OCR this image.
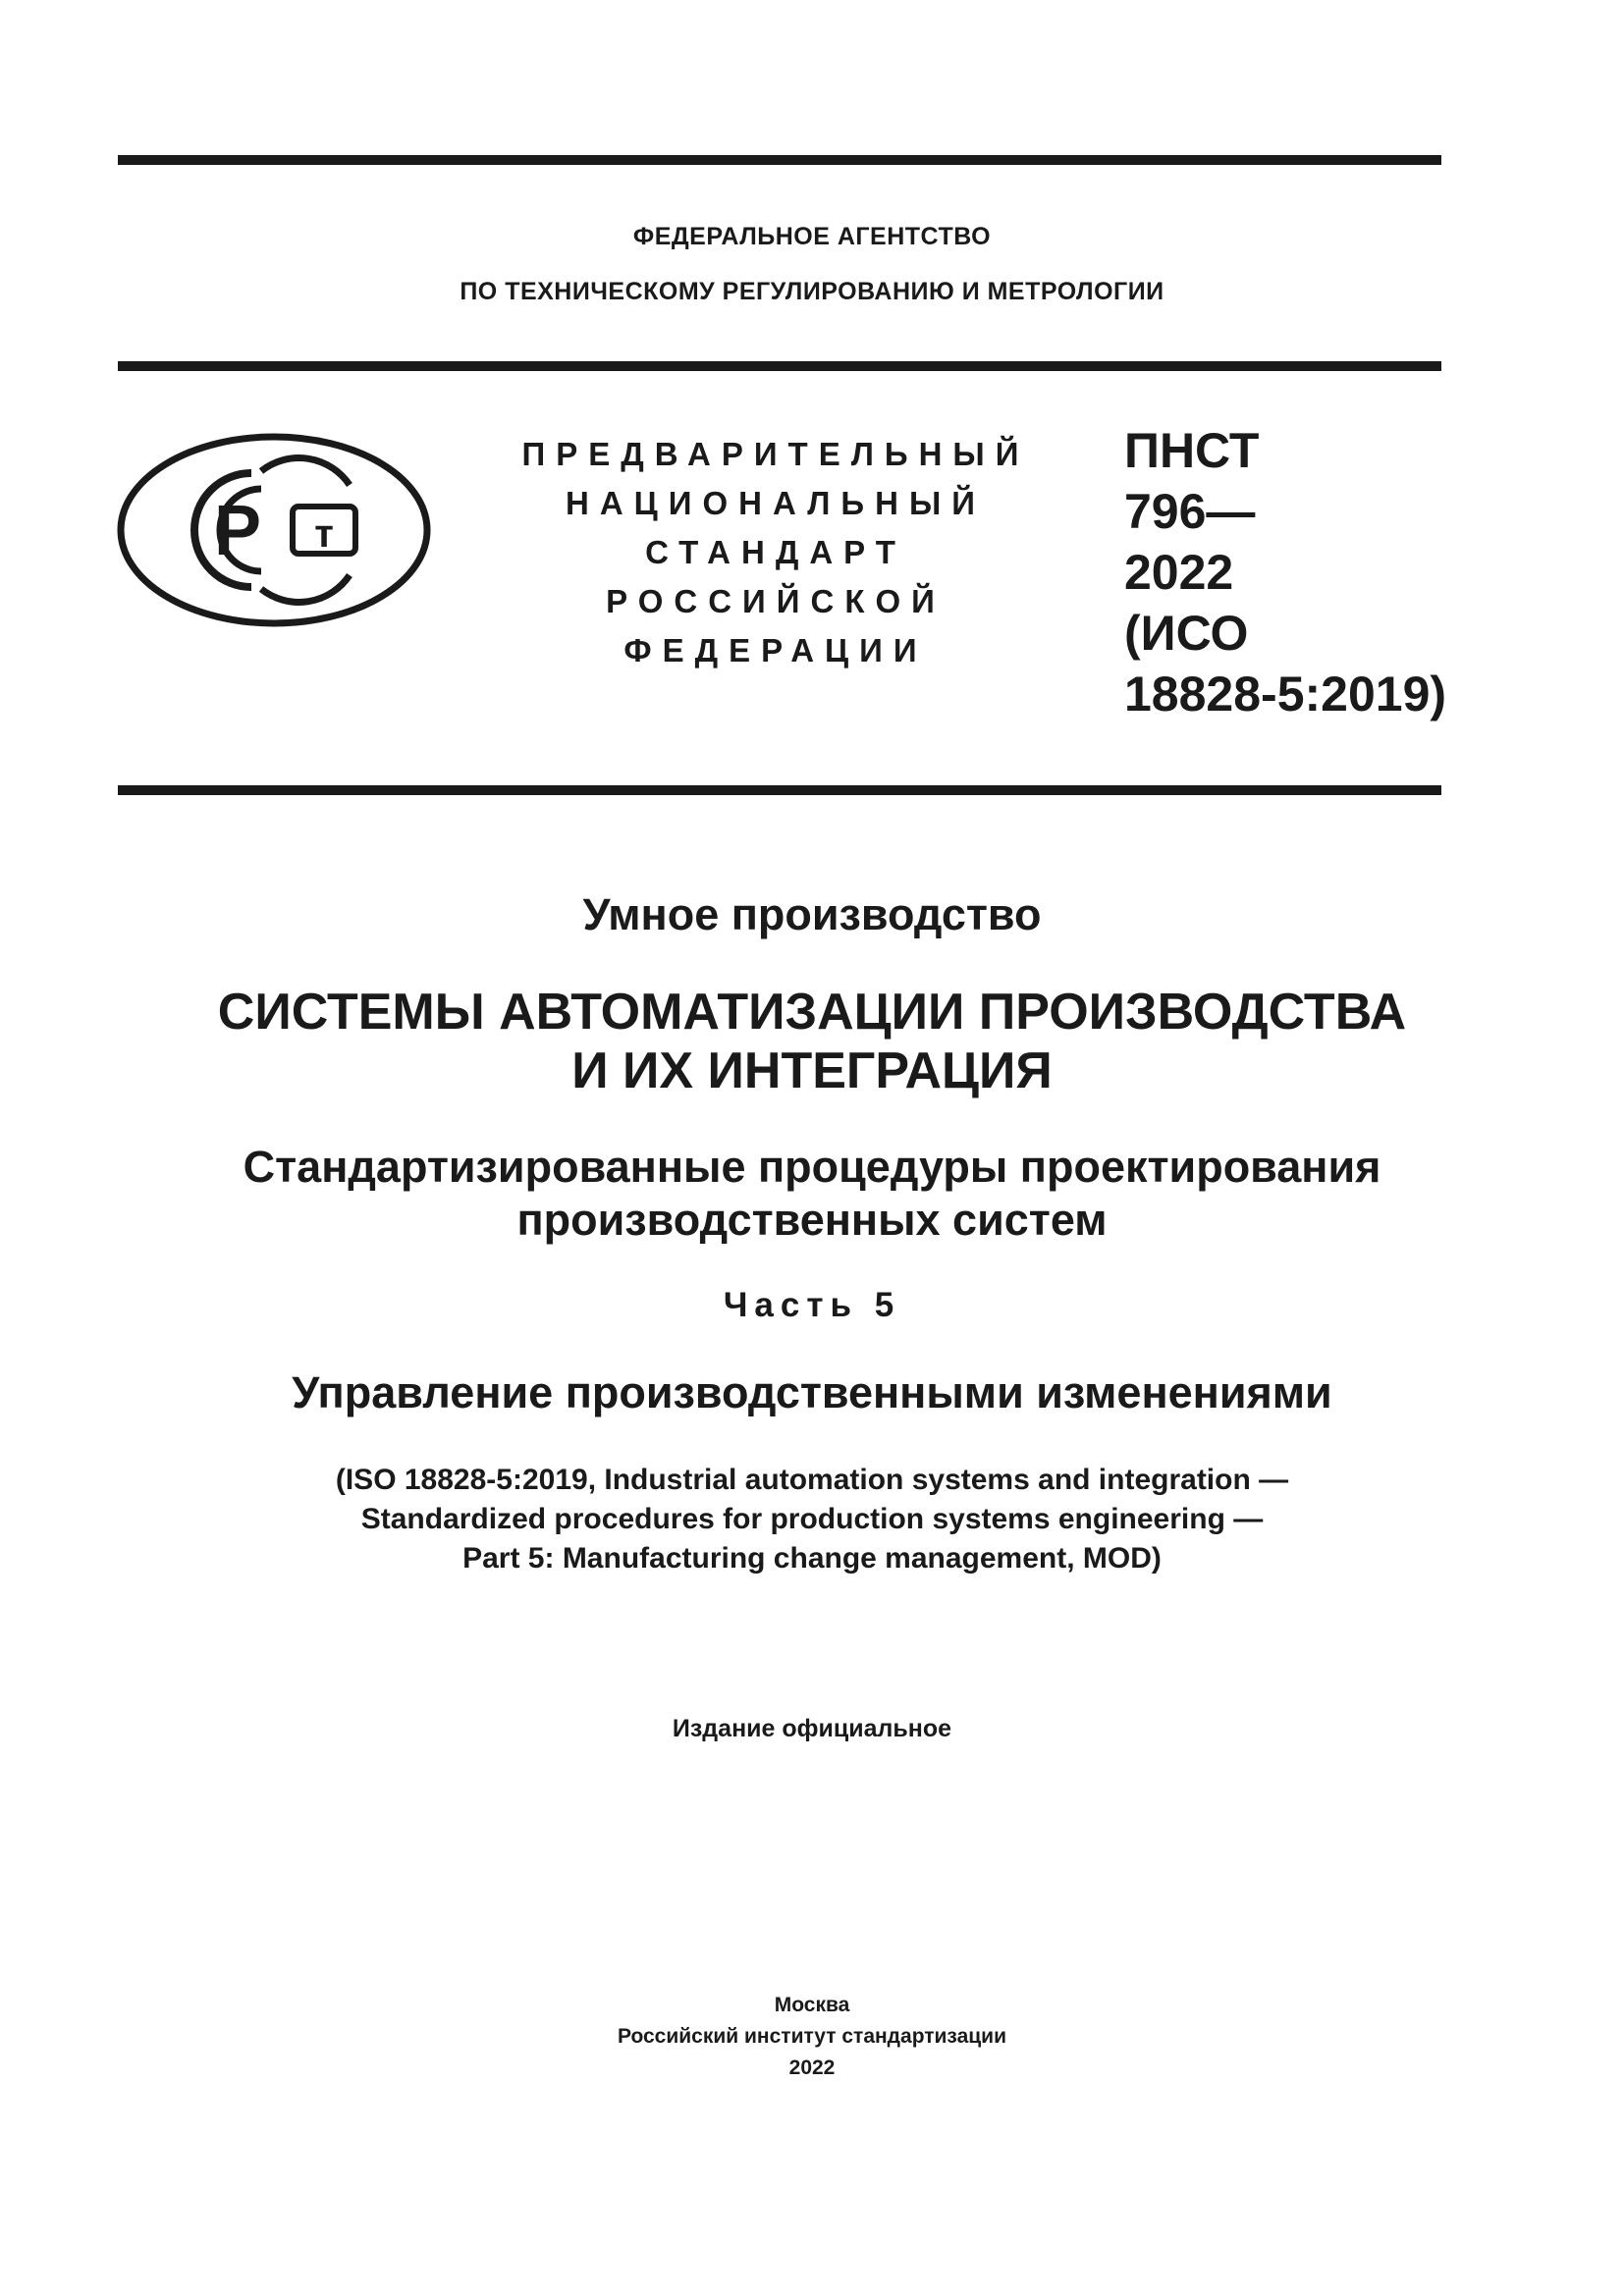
ФЕДЕРАЛЬНОЕ АГЕНТСТВО
ПО ТЕХНИЧЕСКОМУ РЕГУЛИРОВАНИЮ И МЕТРОЛОГИИ
P т
ПРЕДВАРИТЕЛЬНЫЙ
НАЦИОНАЛЬНЫЙ
СТАНДАРТ
РОССИЙСКОЙ
ФЕДЕРАЦИИ
ПНСТ
796—
2022
(ИСО
18828-5:2019)
Умное производство
СИСТЕМЫ АВТОМАТИЗАЦИИ ПРОИЗВОДСТВА
И ИХ ИНТЕГРАЦИЯ
Стандартизированные процедуры проектирования
производственных систем
Часть 5
Управление производственными изменениями
(ISO 18828-5:2019, Industrial automation systems and integration —
Standardized procedures for production systems engineering —
Part 5: Manufacturing change management, MOD)
Издание официальное
Москва
Российский институт стандартизации
2022
